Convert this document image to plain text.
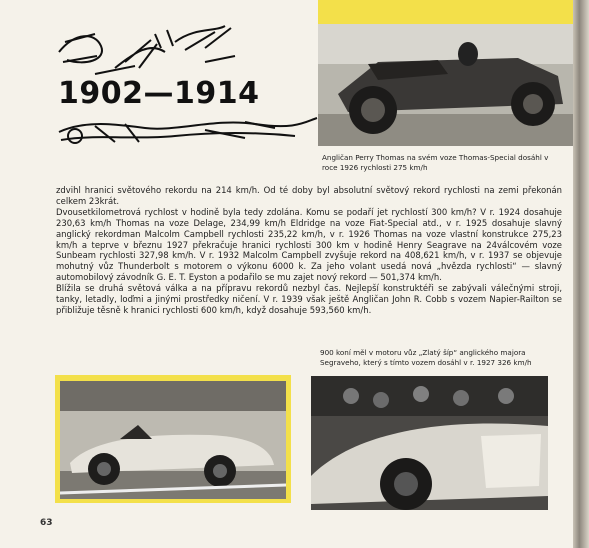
1902—1914
Angličan Perry Thomas na svém voze Thomas-Special dosáhl v roce 1926 rychlosti 275 km/h

zdvihl hranici světového rekordu na 214 km/h. Od té doby byl absolutní světový rekord rychlosti na zemi překonán celkem 23krát.

Dvousetkilometrová rychlost v hodině byla tedy zdolána. Komu se podaří jet rychlostí 300 km/h? V r. 1924 dosahuje 230,63 km/h Thomas na voze Delage, 234,99 km/h Eldridge na voze Fiat-Special atd., v r. 1925 dosahuje slavný anglický rekordman Malcolm Campbell rychlosti 235,22 km/h, v r. 1926 Thomas na voze vlastní konstrukce 275,23 km/h a teprve v březnu 1927 překračuje hranici rychlosti 300 km v hodině Henry Seagrave na 24válcovém voze Sunbeam rychlosti 327,98 km/h. V r. 1932 Malcolm Campbell zvyšuje rekord na 408,621 km/h, v r. 1937 se objevuje mohutný vůz Thunderbolt s motorem o výkonu 6000 k. Za jeho volant usedá nová „hvězda rychlosti“ — slavný automobilový závodník G. E. T. Eyston a podařilo se mu zajet nový rekord — 501,374 km/h.

Blížila se druhá světová válka a na přípravu rekordů nezbyl čas. Nejlepší konstruktéři se zabývali válečnými stroji, tanky, letadly, loďmi a jinými prostředky ničení. V r. 1939 však ještě Angličan John R. Cobb s vozem Napier-Railton se přibližuje těsně k hranici rychlosti 600 km/h, když dosahuje 593,560 km/h.

900 koní měl v motoru vůz „Zlatý šíp“ anglického majora Segraveho, který s tímto vozem dosáhl v r. 1927 326 km/h
63
